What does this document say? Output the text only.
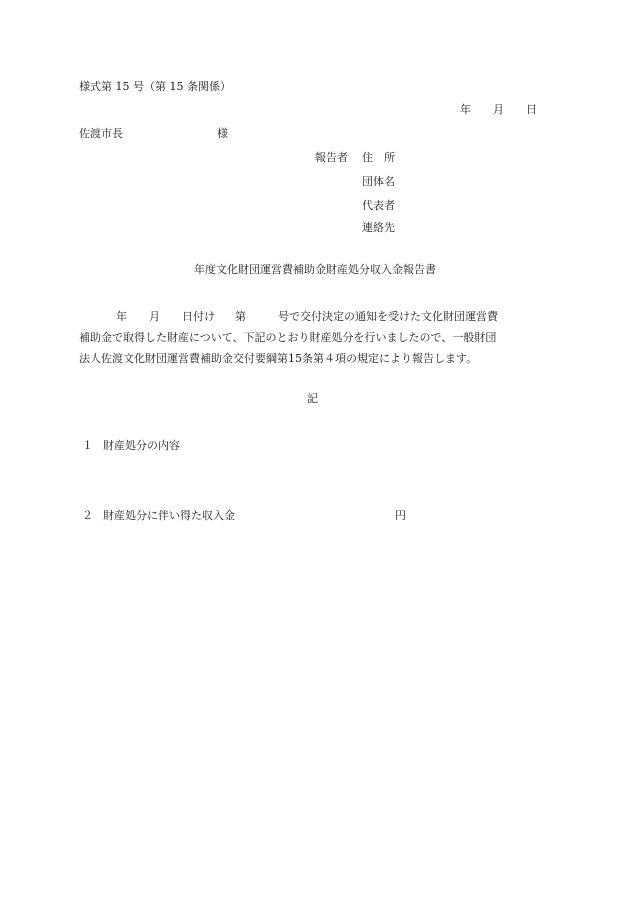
様式第 15 号（第 15 条関係）
年 月 日
佐渡市長	様
報告者 住　所
団体名
代表者
連絡先
年度文化財団運営費補助金財産処分収入金報告書
年 月 日付け 第	号で交付決定の通知を受けた文化財団運営費
補助金で取得した財産について、下記のとおり財産処分を行いましたので、一般財団
法人佐渡文化財団運営費補助金交付要綱第15条第４項の規定により報告します。
記
１ 財産処分の内容
２ 財産処分に伴い得た収入金	円
